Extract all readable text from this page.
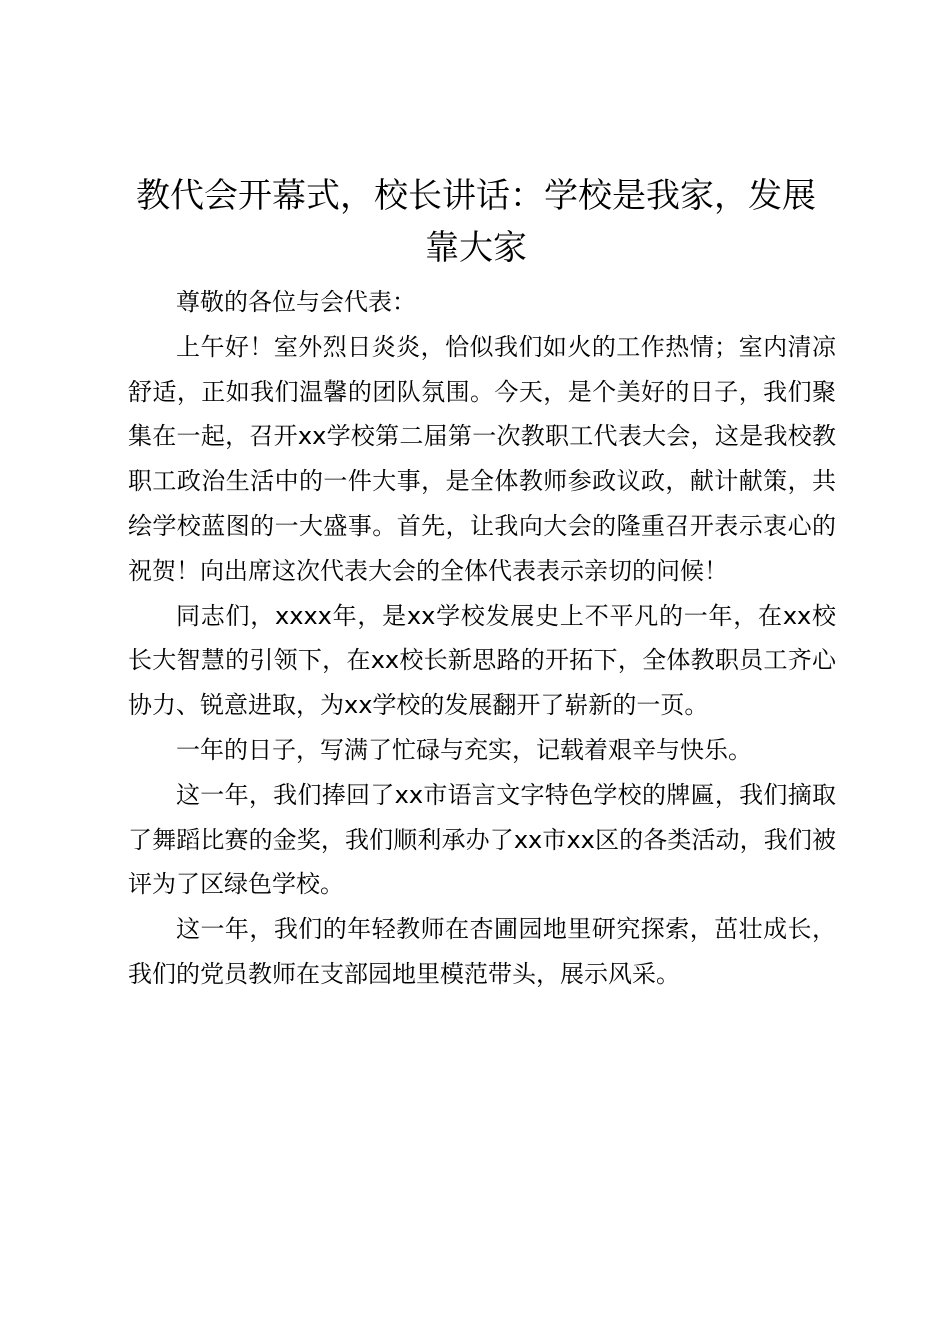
教代会开幕式，校长讲话：学校是我家，发展靠大家

尊敬的各位与会代表：

上午好！室外烈日炎炎，恰似我们如火的工作热情；室内清凉舒适，正如我们温馨的团队氛围。今天，是个美好的日子，我们聚集在一起，召开xx学校第二届第一次教职工代表大会，这是我校教职工政治生活中的一件大事，是全体教师参政议政，献计献策，共绘学校蓝图的一大盛事。首先，让我向大会的隆重召开表示衷心的祝贺！向出席这次代表大会的全体代表表示亲切的问候！

同志们，xxxx年，是xx学校发展史上不平凡的一年，在xx校长大智慧的引领下，在xx校长新思路的开拓下，全体教职员工齐心协力、锐意进取，为xx学校的发展翻开了崭新的一页。

一年的日子，写满了忙碌与充实，记载着艰辛与快乐。

这一年，我们捧回了xx市语言文字特色学校的牌匾，我们摘取了舞蹈比赛的金奖，我们顺利承办了xx市xx区的各类活动，我们被评为了区绿色学校。

这一年，我们的年轻教师在杏圃园地里研究探索，茁壮成长，我们的党员教师在支部园地里模范带头，展示风采。
